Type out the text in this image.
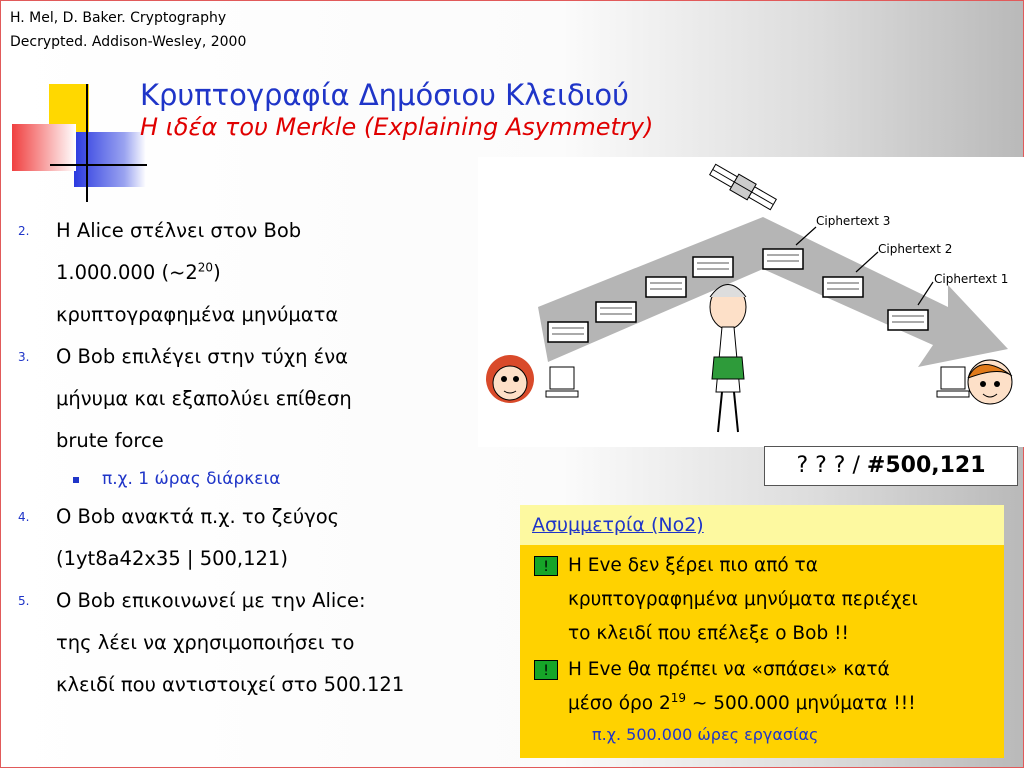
H. Mel, D. Baker. Cryptography
Decrypted. Addison-Wesley, 2000
Κρυπτογραφία Δημόσιου Κλειδιού
Η ιδέα του Merkle (Explaining Asymmetry)
2. Η Alice στέλνει στον Bob
1.000.000 $(\sim 2^{20})$
κρυπτογραφημένα μηνύματα
3. Ο Bob επιλέγει στην τύχη ένα
μήνυμα και εξαπολύει επίθεση
brute force
π.χ. 1 ώρας διάρκεια
4. Ο Bob ανακτά π.χ. το ζεύγος
(1yt8a42x35 | 500,121)
5. Ο Bob επικοινωνεί με την Alice:
της λέει να χρησιμοποιήσει το
κλειδί που αντιστοιχεί στο 500.121
Ciphertext 3
Ciphertext 2
Ciphertext 1
? ? ? / #500,121
Ασυμμετρία (Νο2)
!	Η Eve δεν ξέρει πιο από τα
κρυπτογραφημένα μηνύματα περιέχει
το κλειδί που επέλεξε ο Bob !!
!	Η Eve θα πρέπει να «σπάσει» κατά
μέσο όρο $2^{19}$ ~ 500.000 μηνύματα !!!
π.χ. 500.000 ώρες εργασίας
